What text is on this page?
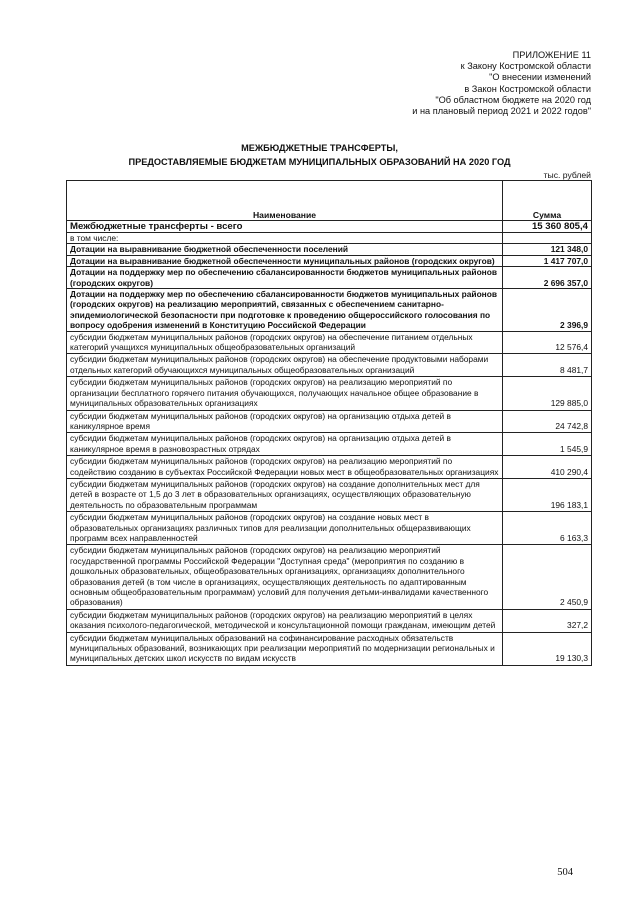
ПРИЛОЖЕНИЕ 11
к Закону Костромской области
"О внесении изменений
в Закон Костромской области
"Об областном бюджете на 2020 год
и на плановый период 2021 и 2022 годов"
МЕЖБЮДЖЕТНЫЕ ТРАНСФЕРТЫ,
ПРЕДОСТАВЛЯЕМЫЕ БЮДЖЕТАМ МУНИЦИПАЛЬНЫХ ОБРАЗОВАНИЙ НА 2020 ГОД
тыс. рублей
Наименование	Сумма
Межбюджетные трансферты - всего	15 360 805,4
в том числе:	
Дотации на выравнивание бюджетной обеспеченности поселений	121 348,0
Дотации на выравнивание бюджетной обеспеченности муниципальных районов (городских округов)	1 417 707,0
Дотации на поддержку мер по обеспечению сбалансированности бюджетов муниципальных районов (городских округов)	2 696 357,0
Дотации на поддержку мер по обеспечению сбалансированности бюджетов муниципальных районов (городских округов) на реализацию мероприятий, связанных с обеспечением санитарно-эпидемиологической безопасности при подготовке к проведению общероссийского голосования по вопросу одобрения изменений в Конституцию Российской Федерации	2 396,9
субсидии бюджетам муниципальных районов (городских округов) на обеспечение питанием отдельных категорий учащихся муниципальных общеобразовательных организаций	12 576,4
субсидии бюджетам муниципальных районов (городских округов) на обеспечение продуктовыми наборами отдельных категорий обучающихся муниципальных общеобразовательных организаций	8 481,7
субсидии бюджетам муниципальных районов (городских округов) на реализацию мероприятий по организации бесплатного горячего питания обучающихся, получающих начальное общее образование в муниципальных образовательных организациях	129 885,0
субсидии бюджетам муниципальных районов (городских округов) на организацию отдыха детей в каникулярное время	24 742,8
субсидии бюджетам муниципальных районов (городских округов) на организацию отдыха детей в каникулярное время в разновозрастных отрядах	1 545,9
субсидии бюджетам муниципальных районов (городских округов) на реализацию мероприятий по содействию созданию в субъектах Российской Федерации новых мест в общеобразовательных организациях	410 290,4
субсидии бюджетам муниципальных районов (городских округов) на создание дополнительных мест для детей в возрасте от 1,5 до 3 лет в образовательных организациях, осуществляющих образовательную деятельность по образовательным программам	196 183,1
субсидии бюджетам муниципальных районов (городских округов) на создание новых мест в образовательных организациях различных типов для реализации дополнительных общеразвивающих программ всех направленностей	6 163,3
субсидии бюджетам муниципальных районов (городских округов) на реализацию мероприятий государственной программы Российской Федерации "Доступная среда" (мероприятия по созданию в дошкольных образовательных, общеобразовательных организациях, организациях дополнительного образования детей (в том числе в организациях, осуществляющих деятельность по адаптированным основным общеобразовательным программам) условий для получения детьми-инвалидами качественного образования)	2 450,9
субсидии бюджетам муниципальных районов (городских округов) на реализацию мероприятий в целях оказания психолого-педагогической, методической и консультационной помощи гражданам, имеющим детей	327,2
субсидии бюджетам муниципальных образований на софинансирование расходных обязательств муниципальных образований, возникающих при реализации мероприятий по модернизации региональных и муниципальных детских школ искусств по видам искусств	19 130,3
504
